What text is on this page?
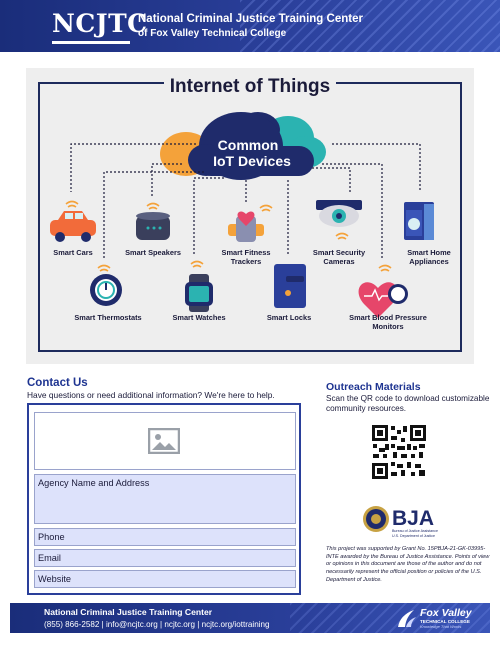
NCJTC
National Criminal Justice Training Center
of Fox Valley Technical College
Internet of Things
Common
IoT Devices
Smart Cars	Smart Speakers	Smart Fitness Trackers
Smart Security Cameras
Smart Home Appliances
Smart Thermostats	Smart Watches	Smart Locks	Smart Blood Pressure Monitors
Contact Us
Have questions or need additional information? We're here to help.
Agency Name and Address
Phone
Email
Website
Outreach Materials
Scan the QR code to download customizable community resources.
BJA
Bureau of Justice Assistance
U.S. Department of Justice
This project was supported by Grant No. 15PBJA-21-GK-03995-INTE awarded by the Bureau of Justice Assistance. Points of view or opinions in this document are those of the author and do not necessarily represent the official position or policies of the U.S. Department of Justice.
National Criminal Justice Training Center
(855) 866-2582 | info@ncjtc.org | ncjtc.org | ncjtc.org/iottraining
Fox Valley
TECHNICAL COLLEGE
Knowledge That Works
